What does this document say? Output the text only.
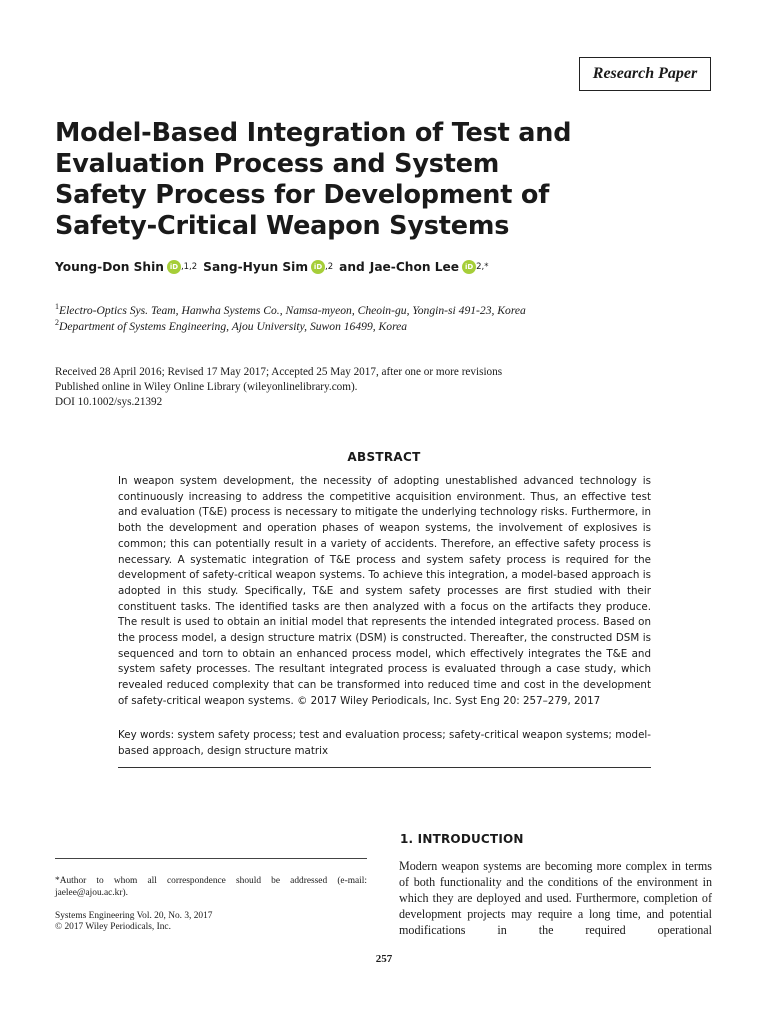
Research Paper
Model-Based Integration of Test and
Evaluation Process and System
Safety Process for Development of
Safety-Critical Weapon Systems
Young-Don Shin iD ,1,2 Sang-Hyun Sim iD ,2 and Jae-Chon Lee iD 2,*
$^1$Electro-Optics Sys. Team, Hanwha Systems Co., Namsa-myeon, Cheoin-gu, Yongin-si 491-23, Korea
$^2$Department of Systems Engineering, Ajou University, Suwon 16499, Korea
Received 28 April 2016; Revised 17 May 2017; Accepted 25 May 2017, after one or more revisions
Published online in Wiley Online Library (wileyonlinelibrary.com).
DOI 10.1002/sys.21392
ABSTRACT
In weapon system development, the necessity of adopting unestablished advanced technology is continuously increasing to address the competitive acquisition environment. Thus, an effective test and evaluation (T&E) process is necessary to mitigate the underlying technology risks. Furthermore, in both the development and operation phases of weapon systems, the involvement of explosives is common; this can potentially result in a variety of accidents. Therefore, an effective safety process is necessary. A systematic integration of T&E process and system safety process is required for the development of safety-critical weapon systems. To achieve this integration, a model-based approach is adopted in this study. Specifically, T&E and system safety processes are first studied with their constituent tasks. The identified tasks are then analyzed with a focus on the artifacts they produce. The result is used to obtain an initial model that represents the intended integrated process. Based on the process model, a design structure matrix (DSM) is constructed. Thereafter, the constructed DSM is sequenced and torn to obtain an enhanced process model, which effectively integrates the T&E and system safety processes. The resultant integrated process is evaluated through a case study, which revealed reduced complexity that can be transformed into reduced time and cost in the development of safety-critical weapon systems. © 2017 Wiley Periodicals, Inc. Syst Eng 20: 257–279, 2017
Key words: system safety process; test and evaluation process; safety-critical weapon systems; model-based approach, design structure matrix
1. INTRODUCTION
Modern weapon systems are becoming more complex in terms of both functionality and the conditions of the environment in which they are deployed and used. Furthermore, completion of development projects may require a long time, and potential modifications in the required operational
*Author to whom all correspondence should be addressed (e-mail: jaelee@ajou.ac.kr).
Systems Engineering Vol. 20, No. 3, 2017
© 2017 Wiley Periodicals, Inc.
257
